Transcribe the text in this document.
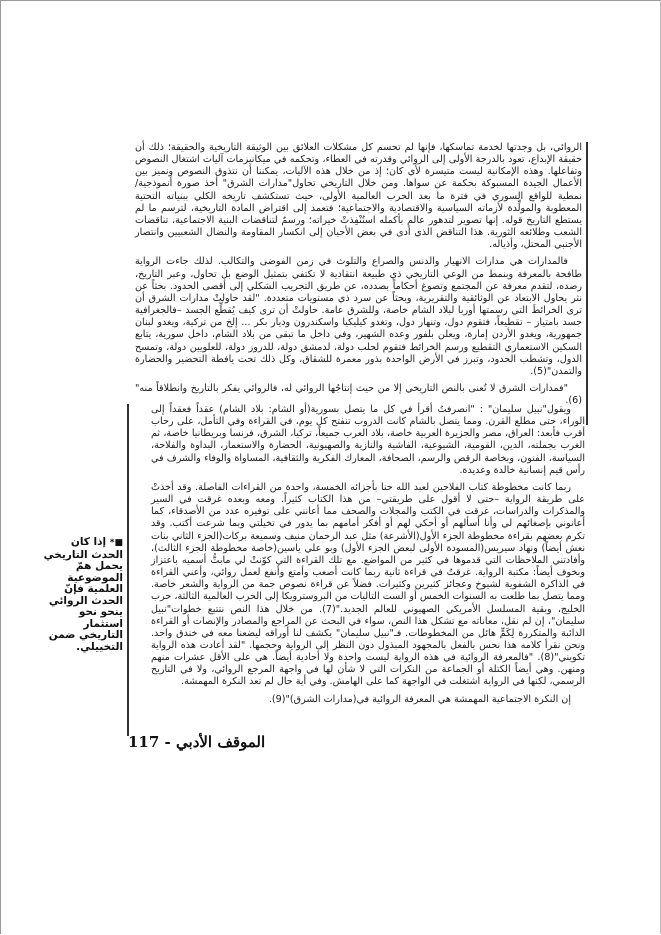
الروائي، بل وجدتها لخدمة تماسكها، فإنها لم تحسم كل مشكلات العلائق بين الوثيقة التاريخية والحقيقة؛ ذلك أن حقيقة الإبداع، تعود بالدرجة الأولى إلى الروائي وقدرته في العطاء، وتحكمه في ميكانيزمات آليات اشتغال النصوص وتفاعلها. وهذه الإمكانية ليست متيسرة لأي كان؛ إذ من خلال هذه الآليات، يمكننا أن نتذوق النصوص ونميز بين الأعمال الجيدة المسبوكة بحكمة عن سواها. ومن خلال التاريخي تحاول"مدارات الشرق" أخذ صورة أنموذجية/ نمطية للواقع السوري في فترة ما بعد الحرب العالمية الأولى، حيث تستكشف تاريخه الكلي ببنياته التحتية المعطوبة والمولِّدة لأزماته السياسية والاقتصادية والاجتماعية؛ فتعمد إلى اقتراض المادة التاريخية، لترسم ما لم يستطع التاريخ قوله. إنها تصوير لتدهور عالم بأكمله استُنْفِذتْ خيراته؛ ورسمٌ لتناقضات البنية الاجتماعية، تناقضات الشعب وطلائعه الثورية. هذا التناقض الذي أدى في بعض الأحيان إلى انكسار المقاومة والنضال الشعبيين وانتصار الأجنبي المحتل، وأذياله.

فالمدارات هي مدارات الانهيار والدنس والصراع والتلوث في زمن الفوضى والتكالب. لذلك جاءت الرواية طافحة بالمعرفة وبنمط من الوعي التاريخي ذي طبيعة انتقادية لا تكتفي بتمثيل الوضع بل تحاول، وعبر التاريخ، رصده، لتقدم معرفة عن المجتمع وتصوغ أحكاماً بصدده، عن طريق التجريب الشكلي إلى أقصى الحدود. بحثاً عن نثر يحاول الابتعاد عن الوثائقية والتقريرية، وبحثاً عن سرد ذي مستويات متعددة. "لقد حاولتْ مدارات الشرق أن ترى الخرائطَ التي رسمتها أوربا لبلاد الشام خاصة، وللشرق عامة. حاولتْ أن ترى كيف يُقطِّع الجسد –فالجغرافية جسد بامتياز – تقطيعاً، فتقوم دول، وتنهار دول، وتغدو كيليكيا واسكندرون وديار بكر ... إلخ من تركية، ويغدو لبنان جمهورية، ويغدو الأردن إمارة، ويعلن بلفور وعده الشهير، وفي داخل ما تبقى من بلاد الشام، داخل سورية، يتابع السكين الاستعماري التقطيع ورسم الخرائط فتقوم لحلب دولة، لدمشق دولة، للدروز دولة، للعلويين دولة، وتمسح الدول، وتشطب الحدود، وتبرز في الأرض الواحدة بذور معمرة للشقاق، وكل ذلك تحت يافطة التحضير والحضارة والتمدن"(5).

"فمدارات الشرق لا تُعنى بالنص التاريخي إلا من حيث إنتاجُها الروائي له، فالروائي يفكر بالتاريخ وانطلاقاً منه"(6).

ويقول"نبيل سليمان" : "انصرفتُ أقرأ في كل ما يتصل بسورية(أو الشام: بلاد الشام) عقداً فعقداً إلى الوراء، حتى مطلع القرن. ومما يتصل بالشام كانت الدروب تنفتح كل يوم، في القراءة وفي التأمل، على رحاب أقرب فأبعد: العراق، مصر والجزيرة العربية خاصة، بلاد العرب جميعاً، تركيا، الشرق، فرنسا وبريطانيا خاصة، ثم الغرب بجملته، الدين، القومية، الشيوعية، الفاشية والنازية والصهيونية، الحضارة والاستعمار، البداوة والفلاحة، السياسة، الفنون، وبخاصة الرقص والرسم، الصحافة، المعارك الفكرية والثقافية، المساواة والوفاء والشرف في رأس قيم إنسانية خالدة وعديدة.

ربما كانت مخطوطة كتاب الفلاحين لعبد الله حنا بأجزائه الخمسة، واحدة من القراءات الفاصلة. وقد أخذتْ على طريقة الرواية –حتى لا أقول على طريقتي– من هذا الكتاب كثيراً. ومعه وبعده غرقت في السير والمذكرات والدراسات، غرقت في الكتب والمجلات والصحف مما أعانني على توفيره عدد من الأصدقاء، كما أعانوني بإصغائهم لي وأنا أسألهم أو أحكي لهم أو أفكر أمامهم بما يدور في تخيلتي وبما شرعت أكتب. وقد تكرم بعضهم بقراءة مخطوطة الجزء الأول(الأشرعة) مثل عبد الرحمان منيف وسميعة بركات(الجزء الثاني بنات نعش أيضاً) ونهاد سيريس(المسودة الأولى لبعض الجزء الأول) وبو علي ياسين(خاصة مخطوطة الجزء الثالث)، وأفادتني الملاحظات التي قدموها في كثير من المواضع. مع تلك القراءة التي كوّنتْ لي مابتُّ أسميه باعتزاز وبخوف أيضاً: مكتبة الرواية. غرقتُ في قراءة ثانية ربما كانت أصعب وأمتع وأنفع لعمل روائي، وأعني القراءة في الذاكرة الشفوية لشيوخ وعجائز كثيرين وكثيرات. فضلاً عن قراءة نصوص جمة من الرواية والشعر خاصة. ومما يتصل بما طلعت به السنوات الخمس أو الست التاليات من البروسترويكا إلى الحرب العالمية الثالثة، حرب الخليج، وبقية المسلسل الأمريكي الصهيوني للعالم الجديد."(7). من خلال هذا النص نتتبع خطوات"نبيل سليمان"، إن لم نقل، معاناته مع تشكل هذا النص، سواء في البحث عن المراجع والمصادر والإنصات أو القراءة الدائبة والمتكررة لِكَمٍّ هائل من المخطوطات. فـ"نبيل سليمان" يكشف لنا أوراقه ليضعنا معه في خندق واحد. ونحن نقرأ كلامه هذا نحس بالفعل بالمجهود المبذول دون النظر إلى الرواية وحجمها. "لقد أعادت هذه الرواية تكويني"(8). "فالمعرفة الروائية في هذه الرواية ليست واحدة ولا أحادية أيضاً. هي على الأقل عشرات منهم ومنهن. وهي أيضاً الكتلة أو الجماعة من النكرات التي لا شأن لها في واجهة المرجع الروائي، ولا في التاريخ الرسمي، لكنها في الرواية اشتغلت في الواجهة كما على الهامش. وفي أية حال لم تعد النكرة المهمشة.

إن النكرة الاجتماعية المهمشة هي المعرفة الروائية في(مدارات الشرق)"(9).

■* إذا كان الحدث التاريخي يحمل همّ الموضوعية العلمية فإنّ الحدث الروائي ينحو نحو استثمار التاريخي ضمن التخييلي.
الموقف الأدبي - 117
